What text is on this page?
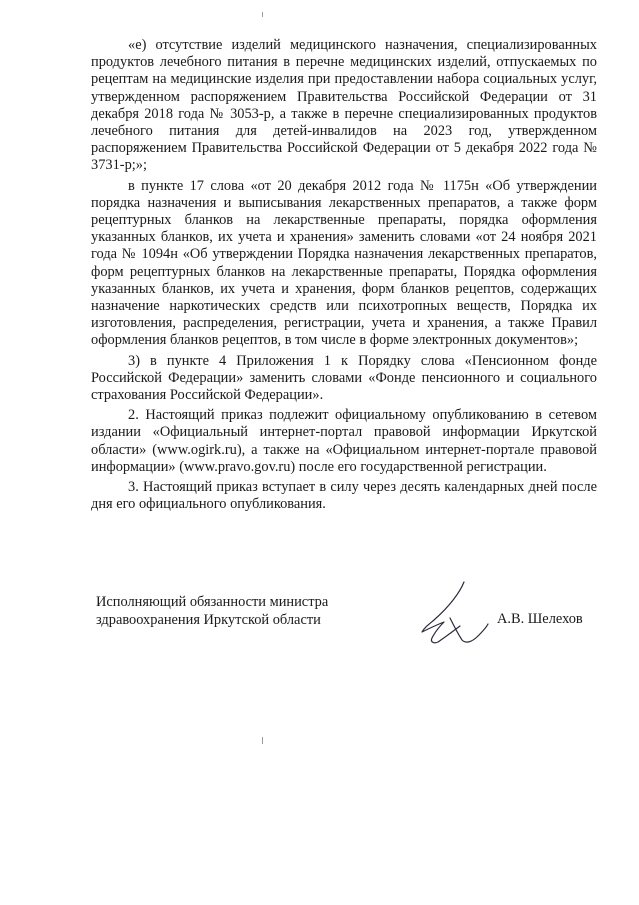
«е) отсутствие изделий медицинского назначения, специализированных продуктов лечебного питания в перечне медицинских изделий, отпускаемых по рецептам на медицинские изделия при предоставлении набора социальных услуг, утвержденном распоряжением Правительства Российской Федерации от 31 декабря 2018 года № 3053-р, а также в перечне специализированных продуктов лечебного питания для детей-инвалидов на 2023 год, утвержденном распоряжением Правительства Российской Федерации от 5 декабря 2022 года № 3731-р;»;

в пункте 17 слова «от 20 декабря 2012 года № 1175н «Об утверждении порядка назначения и выписывания лекарственных препаратов, а также форм рецептурных бланков на лекарственные препараты, порядка оформления указанных бланков, их учета и хранения» заменить словами «от 24 ноября 2021 года № 1094н «Об утверждении Порядка назначения лекарственных препаратов, форм рецептурных бланков на лекарственные препараты, Порядка оформления указанных бланков, их учета и хранения, форм бланков рецептов, содержащих назначение наркотических средств или психотропных веществ, Порядка их изготовления, распределения, регистрации, учета и хранения, а также Правил оформления бланков рецептов, в том числе в форме электронных документов»;

3) в пункте 4 Приложения 1 к Порядку слова «Пенсионном фонде Российской Федерации» заменить словами «Фонде пенсионного и социального страхования Российской Федерации».

2. Настоящий приказ подлежит официальному опубликованию в сетевом издании «Официальный интернет-портал правовой информации Иркутской области» (www.ogirk.ru), а также на «Официальном интернет-портале правовой информации» (www.pravo.gov.ru) после его государственной регистрации.

3. Настоящий приказ вступает в силу через десять календарных дней после дня его официального опубликования.

Исполняющий обязанности министра
здравоохранения Иркутской области	А.В. Шелехов
